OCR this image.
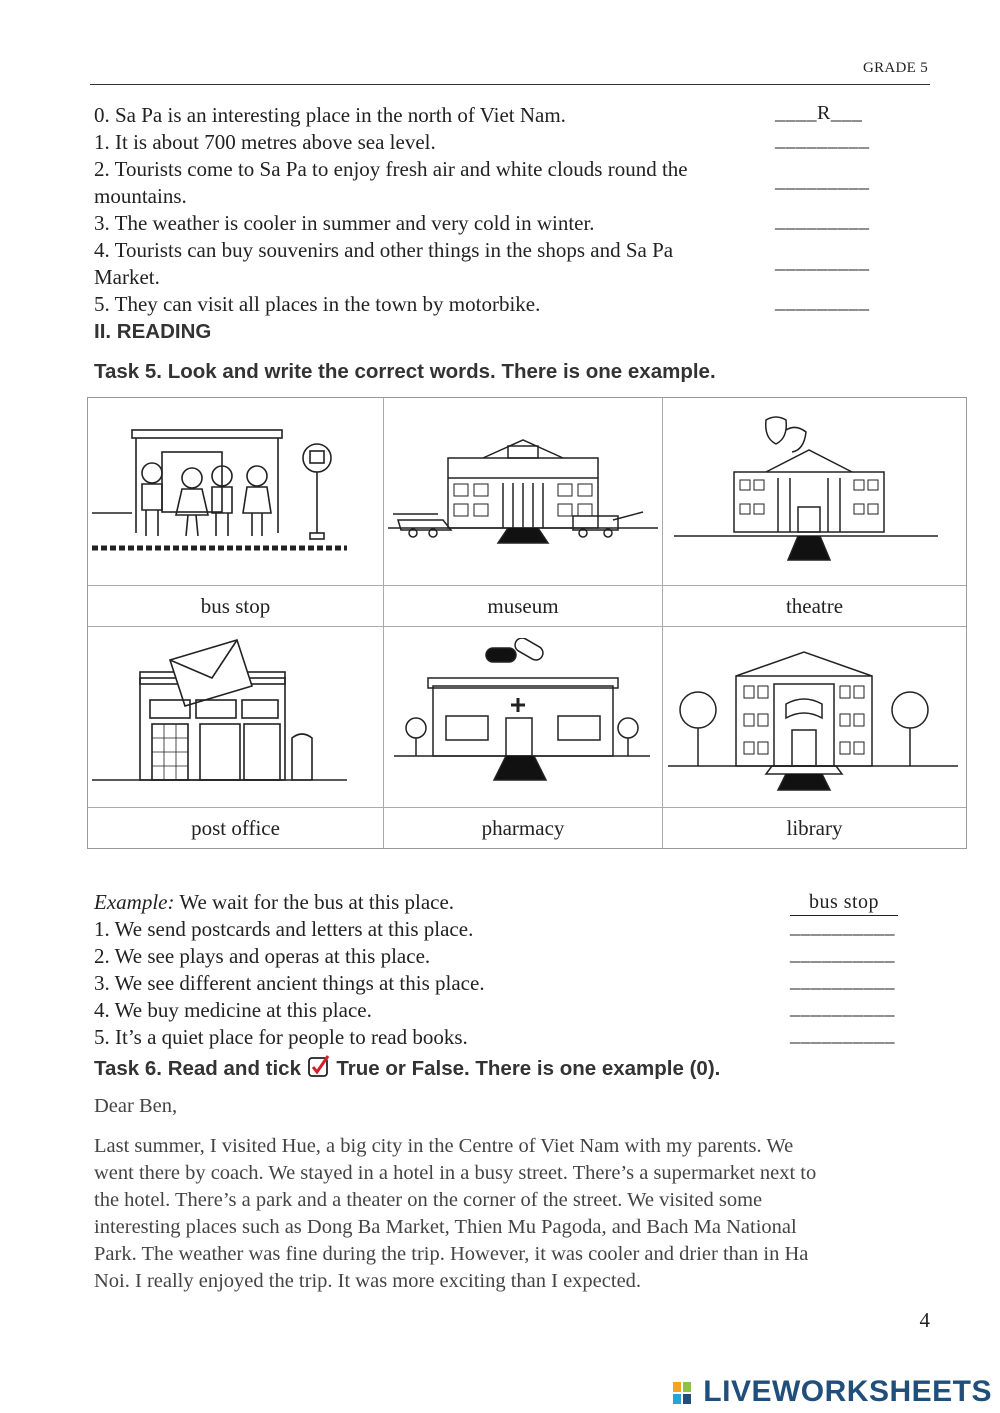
GRADE 5
0. Sa Pa is an interesting place in the north of Viet Nam.	____R___
1. It is about 700 metres above sea level.	_________
2. Tourists come to Sa Pa to enjoy fresh air and white clouds round the
mountains.
_________
3. The weather is cooler in summer and very cold in winter.	_________
4. Tourists can buy souvenirs and other things in the shops and Sa Pa
Market.
_________
5. They can visit all places in the town by motorbike.	_________
II. READING
Task 5. Look and write the correct words. There is one example.
bus stop	museum	theatre
post office	pharmacy	library
Example: We wait for the bus at this place.	bus stop
1. We send postcards and letters at this place.	__________
2. We see plays and operas at this place.	__________
3. We see different ancient things at this place.	__________
4. We buy medicine at this place.	__________
5. It’s a quiet place for people to read books.	__________
Task 6. Read and tick True or False. There is one example (0).
Dear Ben,
Last summer, I visited Hue, a big city in the Centre of Viet Nam with my parents. We
went there by coach. We stayed in a hotel in a busy street. There’s a supermarket next to
the hotel. There’s a park and a theater on the corner of the street. We visited some
interesting places such as Dong Ba Market, Thien Mu Pagoda, and Bach Ma National
Park. The weather was fine during the trip. However, it was cooler and drier than in Ha
Noi. I really enjoyed the trip. It was more exciting than I expected.
4
LIVEWORKSHEETS
